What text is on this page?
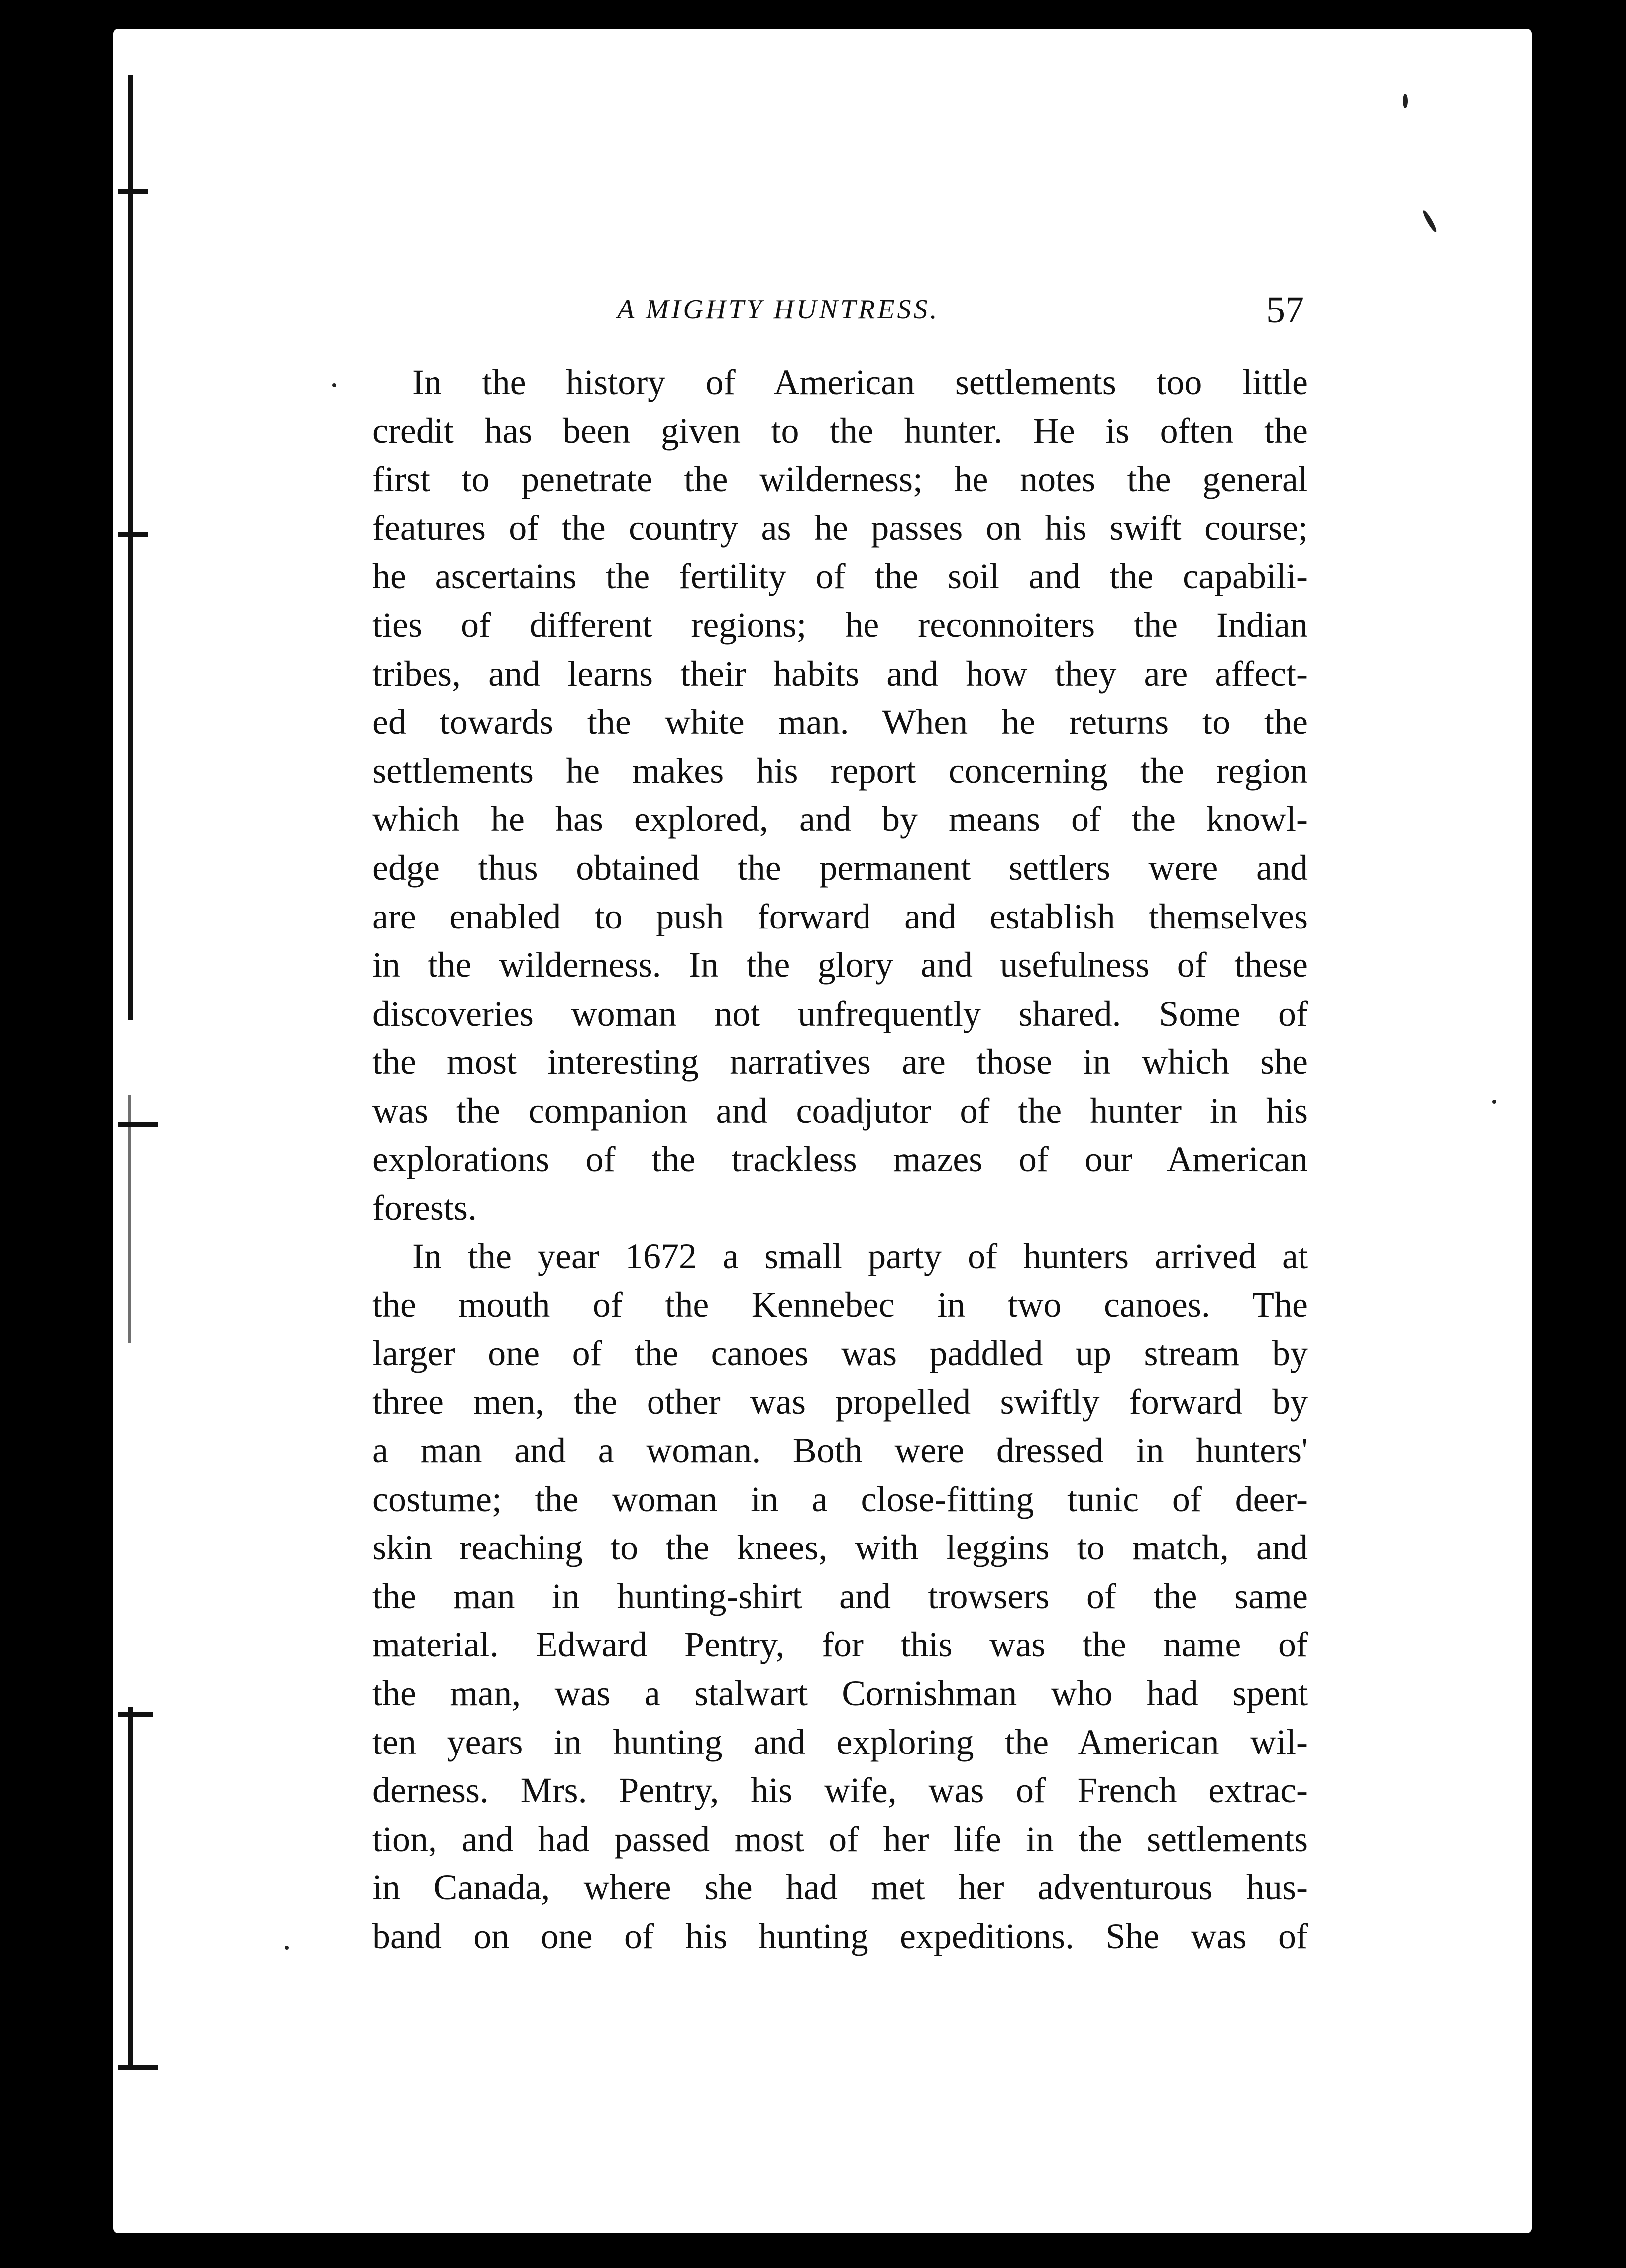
A MIGHTY HUNTRESS.	57
In the history of American settlements too little
credit has been given to the hunter. He is often the
first to penetrate the wilderness; he notes the general
features of the country as he passes on his swift course;
he ascertains the fertility of the soil and the capabili-
ties of different regions; he reconnoiters the Indian
tribes, and learns their habits and how they are affect-
ed towards the white man. When he returns to the
settlements he makes his report concerning the region
which he has explored, and by means of the knowl-
edge thus obtained the permanent settlers were and
are enabled to push forward and establish themselves
in the wilderness. In the glory and usefulness of these
discoveries woman not unfrequently shared. Some of
the most interesting narratives are those in which she
was the companion and coadjutor of the hunter in his
explorations of the trackless mazes of our American
forests.
In the year 1672 a small party of hunters arrived at
the mouth of the Kennebec in two canoes. The
larger one of the canoes was paddled up stream by
three men, the other was propelled swiftly forward by
a man and a woman. Both were dressed in hunters'
costume; the woman in a close-fitting tunic of deer-
skin reaching to the knees, with leggins to match, and
the man in hunting-shirt and trowsers of the same
material. Edward Pentry, for this was the name of
the man, was a stalwart Cornishman who had spent
ten years in hunting and exploring the American wil-
derness. Mrs. Pentry, his wife, was of French extrac-
tion, and had passed most of her life in the settlements
in Canada, where she had met her adventurous hus-
band on one of his hunting expeditions. She was of
